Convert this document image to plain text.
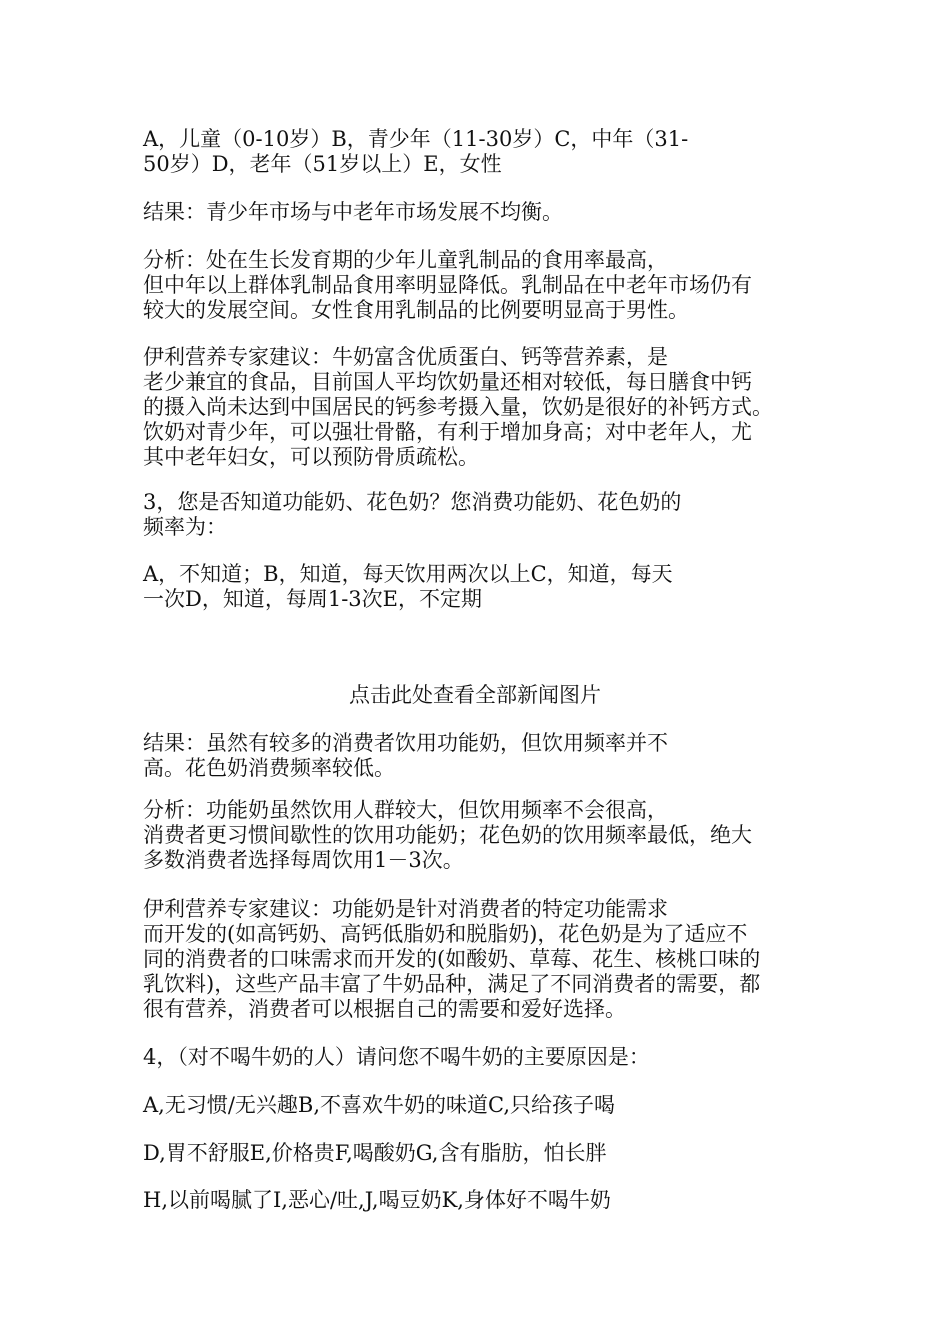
A，儿童（0-10岁）B，青少年（11-30岁）C，中年（31-
50岁）D，老年（51岁以上）E，女性

结果：青少年市场与中老年市场发展不均衡。

分析：处在生长发育期的少年儿童乳制品的食用率最高，
但中年以上群体乳制品食用率明显降低。乳制品在中老年市场仍有
较大的发展空间。女性食用乳制品的比例要明显高于男性。

伊利营养专家建议：牛奶富含优质蛋白、钙等营养素，是
老少兼宜的食品，目前国人平均饮奶量还相对较低，每日膳食中钙
的摄入尚未达到中国居民的钙参考摄入量，饮奶是很好的补钙方式。
饮奶对青少年，可以强壮骨骼，有利于增加身高；对中老年人，尤
其中老年妇女，可以预防骨质疏松。

3，您是否知道功能奶、花色奶？您消费功能奶、花色奶的
频率为：

A，不知道；B，知道，每天饮用两次以上C，知道，每天
一次D，知道，每周1-3次E，不定期

点击此处查看全部新闻图片

结果：虽然有较多的消费者饮用功能奶，但饮用频率并不
高。花色奶消费频率较低。

分析：功能奶虽然饮用人群较大，但饮用频率不会很高，
消费者更习惯间歇性的饮用功能奶；花色奶的饮用频率最低，绝大
多数消费者选择每周饮用1－3次。

伊利营养专家建议：功能奶是针对消费者的特定功能需求
而开发的(如高钙奶、高钙低脂奶和脱脂奶)，花色奶是为了适应不
同的消费者的口味需求而开发的(如酸奶、草莓、花生、核桃口味的
乳饮料)，这些产品丰富了牛奶品种，满足了不同消费者的需要，都
很有营养，消费者可以根据自己的需要和爱好选择。

4，（对不喝牛奶的人）请问您不喝牛奶的主要原因是：

A,无习惯/无兴趣B,不喜欢牛奶的味道C,只给孩子喝

D,胃不舒服E,价格贵F,喝酸奶G,含有脂肪，怕长胖

H,以前喝腻了I,恶心/吐,J,喝豆奶K,身体好不喝牛奶
